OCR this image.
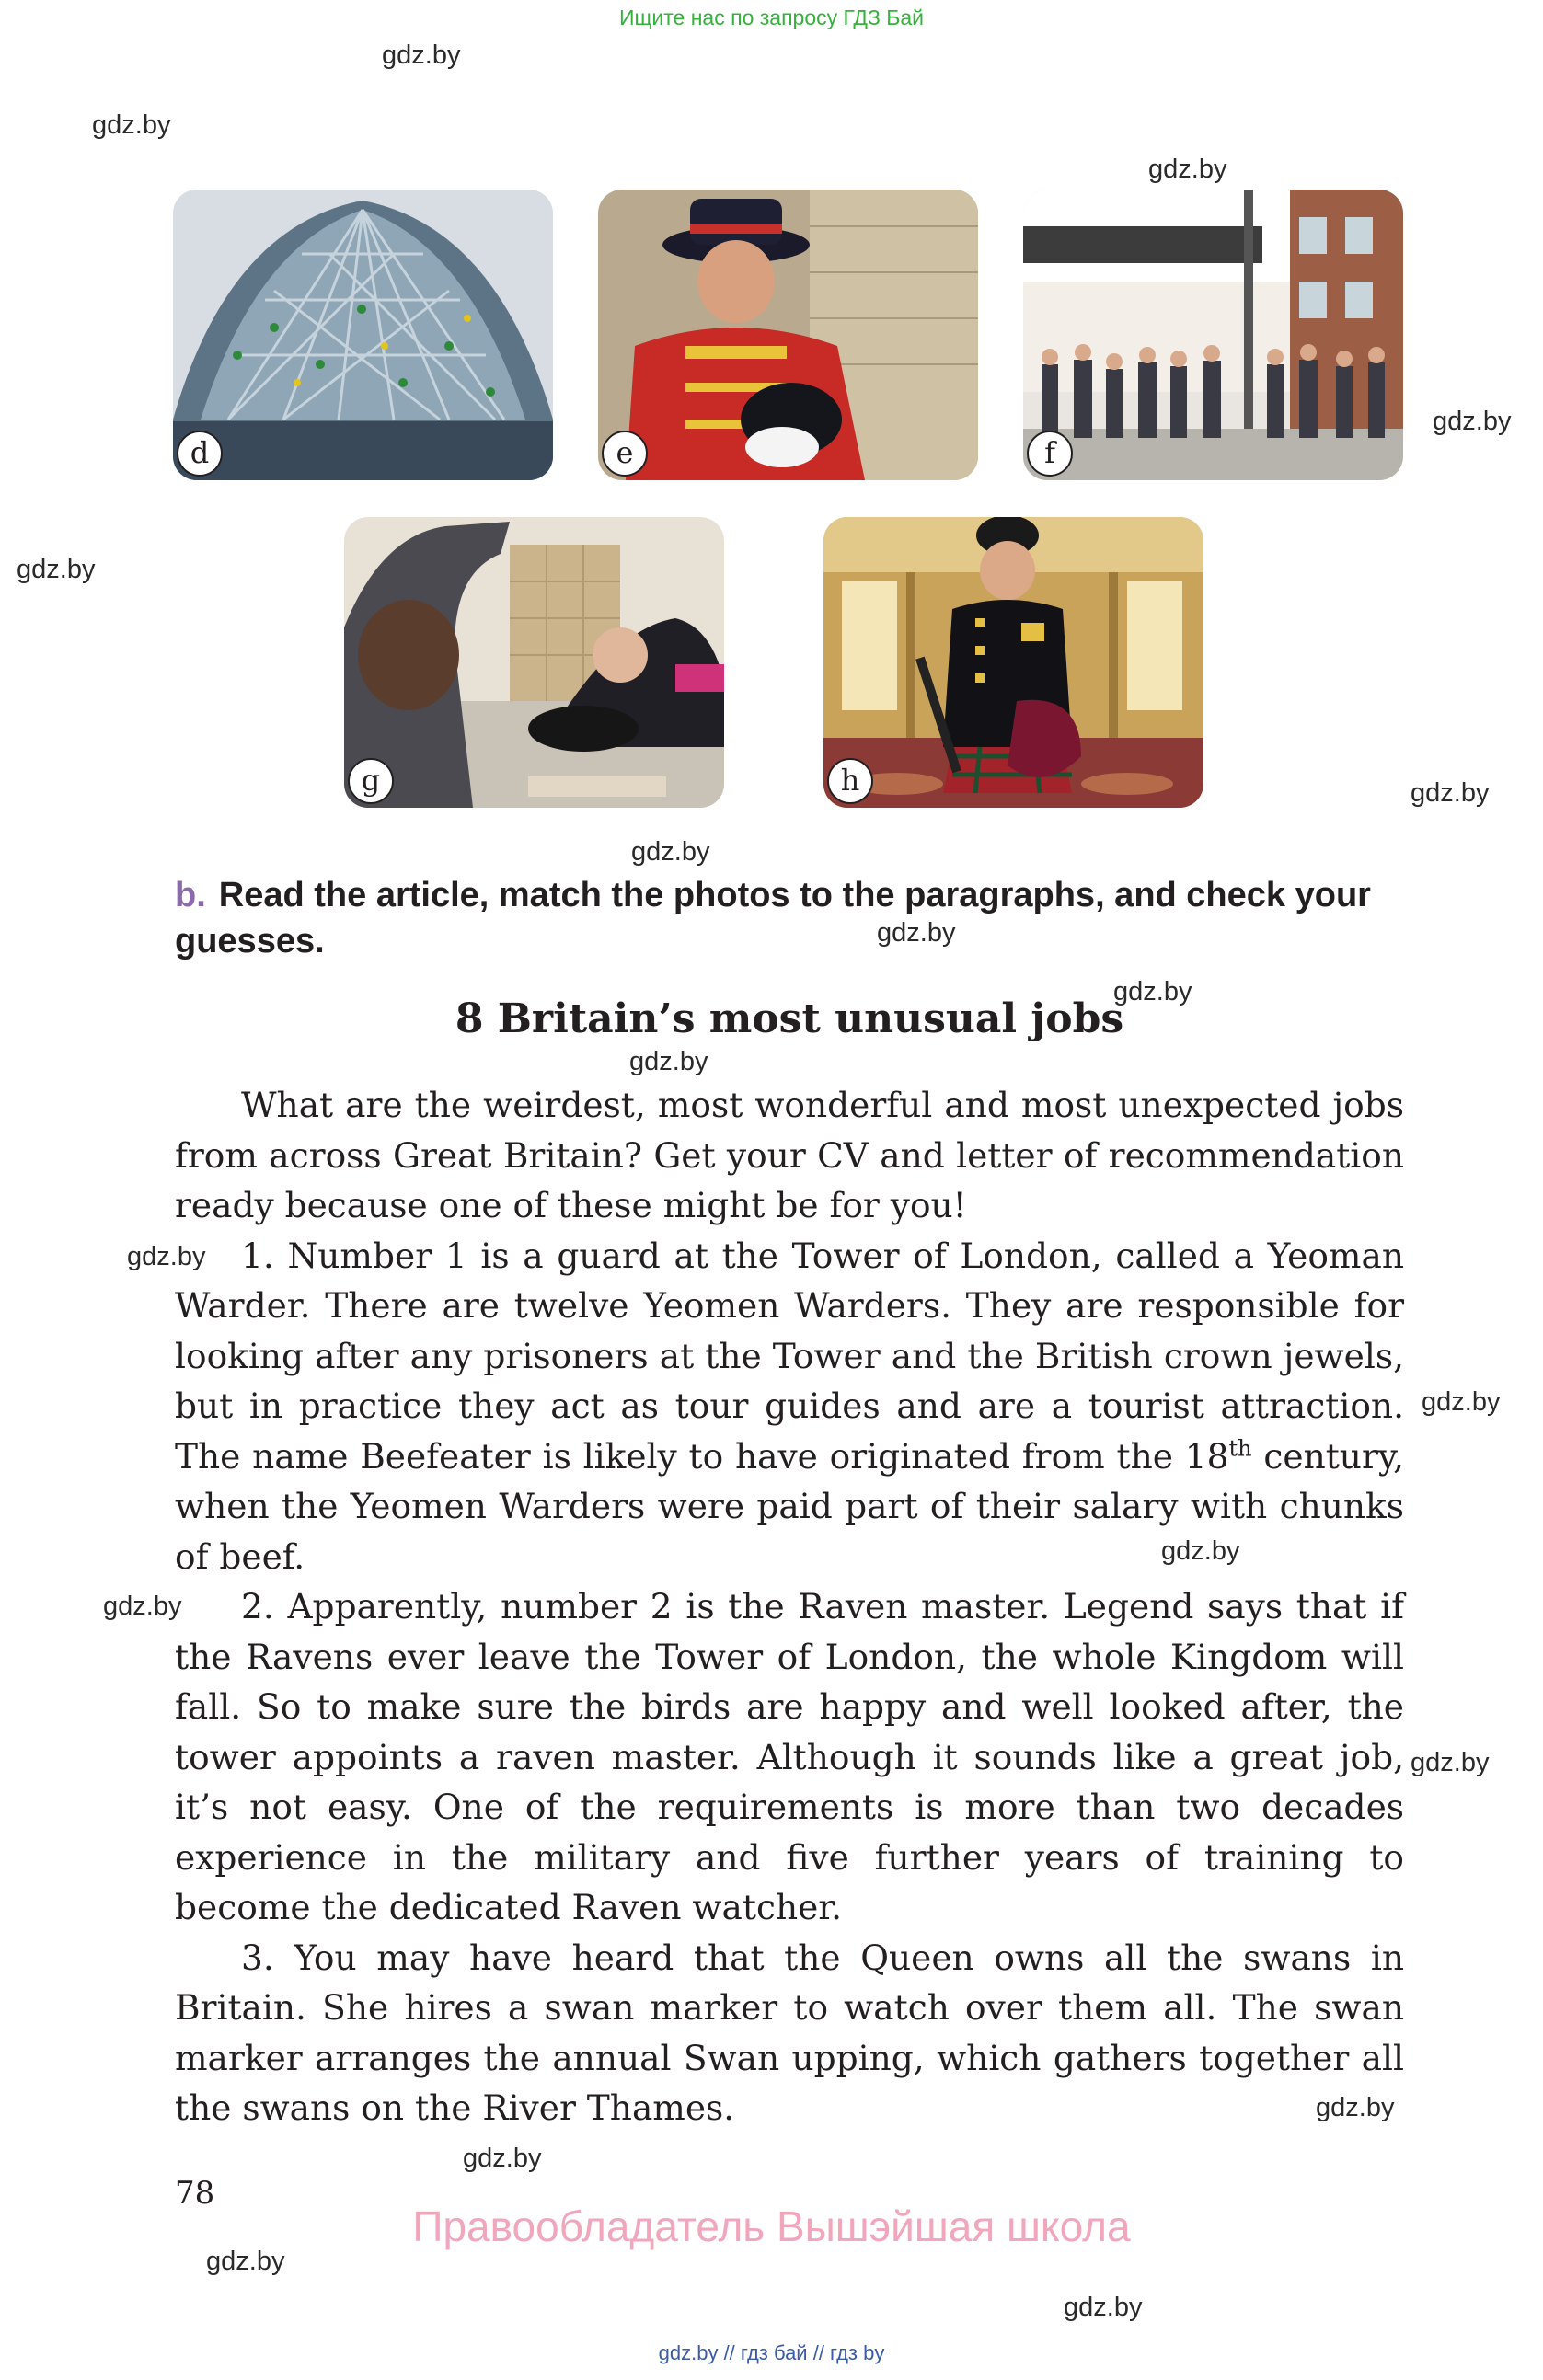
Ищите нас по запросу ГДЗ Бай
gdz.by
gdz.by
gdz.by
gdz.by
gdz.by
gdz.by
gdz.by
gdz.by
gdz.by
gdz.by
gdz.by
gdz.by
gdz.by
gdz.by
gdz.by
gdz.by
gdz.by
gdz.by
gdz.by
d	e	f
g	h
b. Read the article, match the photos to the paragraphs, and check your guesses.
8 Britain’s most unusual jobs

What are the weirdest, most wonderful and most unexpected jobs from across Great Britain? Get your CV and letter of recommendation ready because one of these might be for you!

1. Number 1 is a guard at the Tower of London, called a Yeoman Warder. There are twelve Yeomen Warders. They are responsible for looking after any prisoners at the Tower and the British crown jewels, but in practice they act as tour guides and are a tourist attraction. The name Beefeater is likely to have originated from the 18th century, when the Yeomen Warders were paid part of their salary with chunks of beef.

2. Apparently, number 2 is the Raven master. Legend says that if the Ravens ever leave the Tower of London, the whole Kingdom will fall. So to make sure the birds are happy and well looked after, the tower appoints a raven master. Although it sounds like a great job, it’s not easy. One of the requirements is more than two decades experience in the military and five further years of training to become the dedicated Raven watcher.

3. You may have heard that the Queen owns all the swans in Britain. She hires a swan marker to watch over them all. The swan marker arranges the annual Swan upping, which gathers together all the swans on the River Thames.

78
Правообладатель Вышэйшая школа
gdz.by // гдз бай // гдз by
